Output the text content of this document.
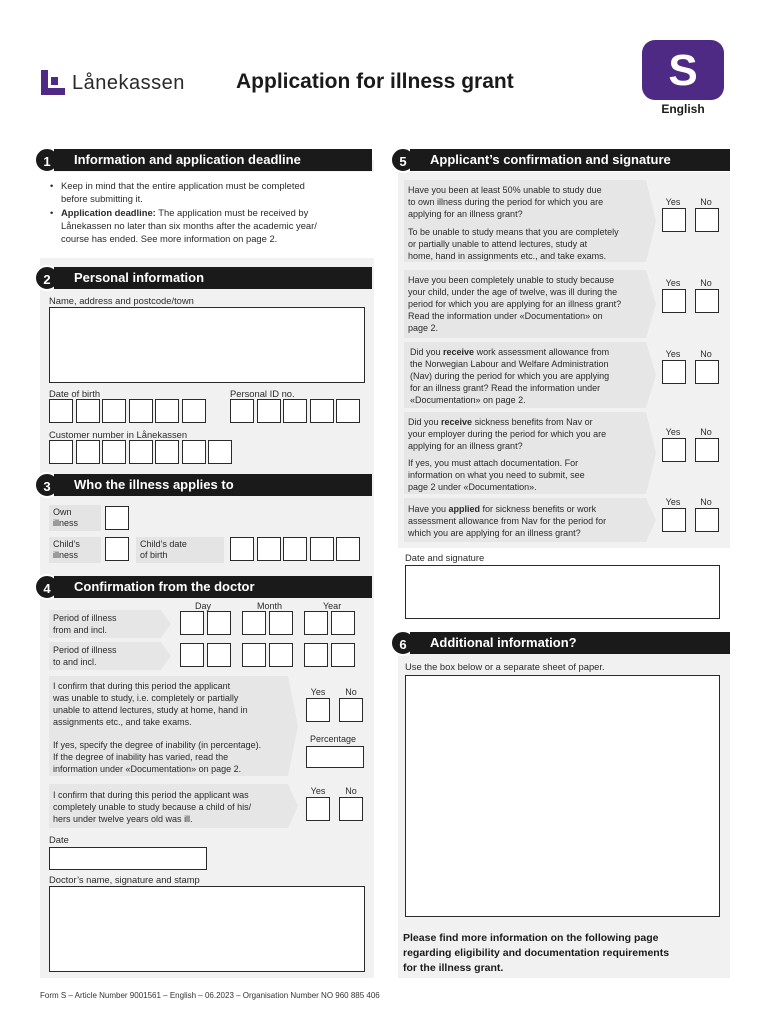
Lånekassen Application for illness grant	S
English
1	Information and application deadline
• Keep in mind that the entire application must be completed
before submitting it.
• Application deadline: The application must be received by
Lånekassen no later than six months after the academic year/
course has ended. See more information on page 2.
2	Personal information
Name, address and postcode/town
Date of birth	Personal ID no.
Customer number in Lånekassen
3	Who the illness applies to
Own
illness
Child’s
illness
Child’s date
of birth
4	Confirmation from the doctor
Day	Month	Year
Period of illness
from and incl.
Period of illness
to and incl.
I confirm that during this period the applicant
was unable to study, i.e. completely or partially
unable to attend lectures, study at home, hand in
assignments etc., and take exams.
If yes, specify the degree of inability (in percentage).
If the degree of inability has varied, read the
information under «Documentation» on page 2.
Yes	No
Percentage
I confirm that during this period the applicant was
completely unable to study because a child of his/
hers under twelve years old was ill.
Yes	No
Date
Doctor’s name, signature and stamp
5	Applicant’s confirmation and signature
Have you been at least 50% unable to study due
to own illness during the period for which you are
applying for an illness grant?
To be unable to study means that you are completely
or partially unable to attend lectures, study at
home, hand in assignments etc., and take exams.
Yes	No
Have you been completely unable to study because
your child, under the age of twelve, was ill during the
period for which you are applying for an illness grant?
Read the information under «Documentation» on
page 2.
Yes	No
Did you receive work assessment allowance from
the Norwegian Labour and Welfare Administration
(Nav) during the period for which you are applying
for an illness grant? Read the information under
«Documentation» on page 2.
Yes	No
Did you receive sickness benefits from Nav or
your employer during the period for which you are
applying for an illness grant?
If yes, you must attach documentation. For
information on what you need to submit, see
page 2 under «Documentation».
Yes	No
Have you applied for sickness benefits or work
assessment allowance from Nav for the period for
which you are applying for an illness grant?
Yes	No
Date and signature
6	Additional information?
Use the box below or a separate sheet of paper.
Please find more information on the following page
regarding eligibility and documentation requirements
for the illness grant.
Form S – Article Number 9001561 – English – 06.2023 – Organisation Number NO 960 885 406
